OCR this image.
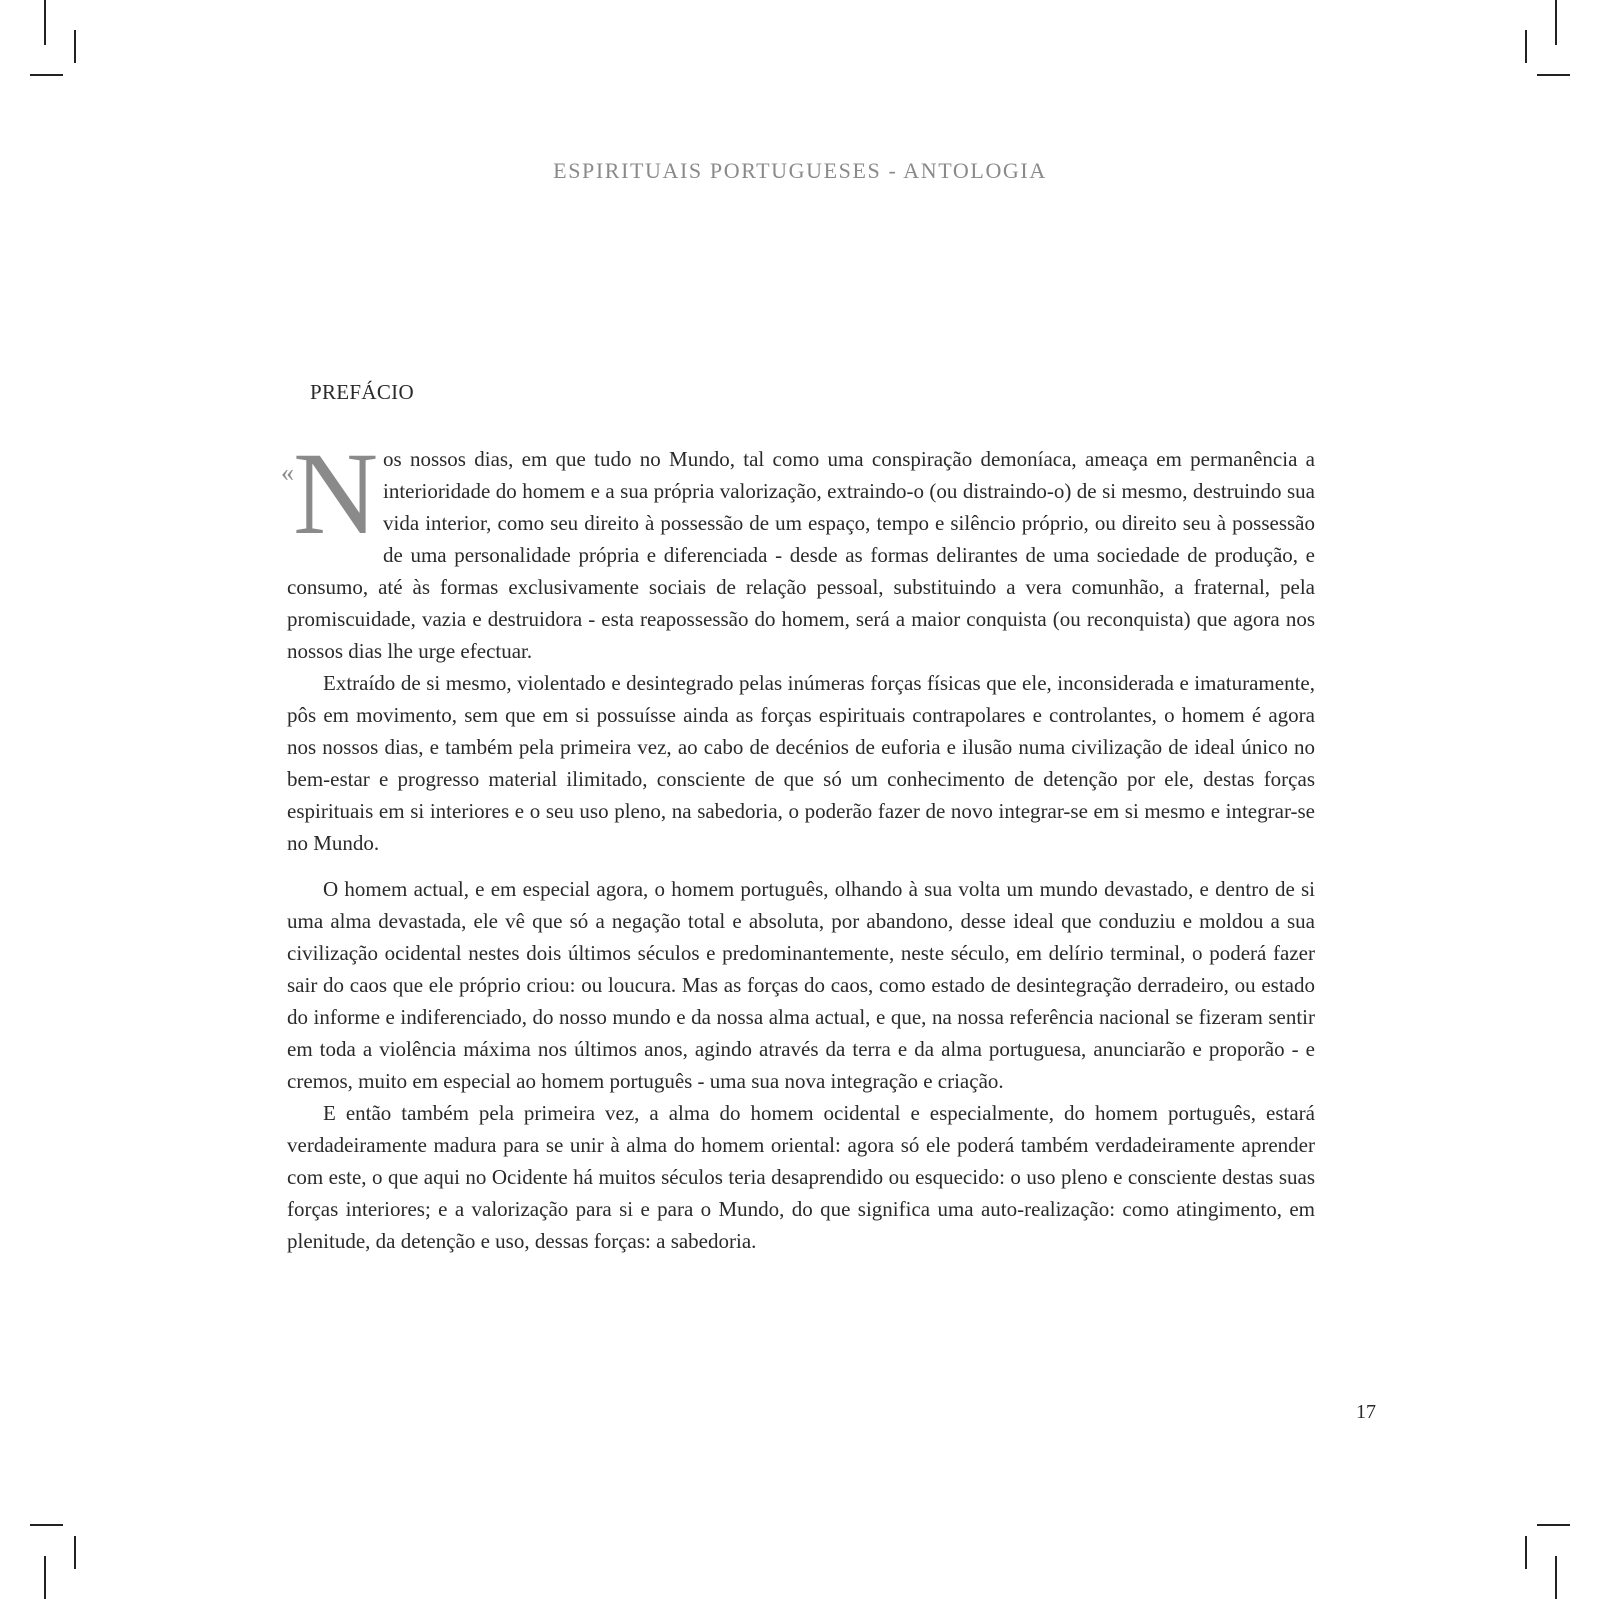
ESPIRITUAIS PORTUGUESES - ANTOLOGIA
PREFÁCIO

« N os nossos dias, em que tudo no Mundo, tal como uma conspiração demoníaca, ameaça em permanência a interioridade do homem e a sua própria valorização, extraindo-o (ou distraindo-o) de si mesmo, destruindo sua vida interior, como seu direito à possessão de um espaço, tempo e silêncio próprio, ou direito seu à possessão de uma personalidade própria e diferenciada - desde as formas delirantes de uma sociedade de produção, e consumo, até às formas exclusivamente sociais de relação pessoal, substituindo a vera comunhão, a fraternal, pela promiscuidade, vazia e destruidora - esta reapossessão do homem, será a maior conquista (ou reconquista) que agora nos nossos dias lhe urge efectuar.

Extraído de si mesmo, violentado e desintegrado pelas inúmeras forças físicas que ele, inconsiderada e imaturamente, pôs em movimento, sem que em si possuísse ainda as forças espirituais contrapolares e controlantes, o homem é agora nos nossos dias, e também pela primeira vez, ao cabo de decénios de euforia e ilusão numa civilização de ideal único no bem-estar e progresso material ilimitado, consciente de que só um conhecimento de detenção por ele, destas forças espirituais em si interiores e o seu uso pleno, na sabedoria, o poderão fazer de novo integrar-se em si mesmo e integrar-se no Mundo.

O homem actual, e em especial agora, o homem português, olhando à sua volta um mundo devastado, e dentro de si uma alma devastada, ele vê que só a negação total e absoluta, por abandono, desse ideal que conduziu e moldou a sua civilização ocidental nestes dois últimos séculos e predominantemente, neste século, em delírio terminal, o poderá fazer sair do caos que ele próprio criou: ou loucura. Mas as forças do caos, como estado de desintegração derradeiro, ou estado do informe e indiferenciado, do nosso mundo e da nossa alma actual, e que, na nossa referência nacional se fizeram sentir em toda a violência máxima nos últimos anos, agindo através da terra e da alma portuguesa, anunciarão e proporão - e cremos, muito em especial ao homem português - uma sua nova integração e criação.

E então também pela primeira vez, a alma do homem ocidental e especialmente, do homem português, estará verdadeiramente madura para se unir à alma do homem oriental: agora só ele poderá também verdadeiramente aprender com este, o que aqui no Ocidente há muitos séculos teria desaprendido ou esquecido: o uso pleno e consciente destas suas forças interiores; e a valorização para si e para o Mundo, do que significa uma auto-realização: como atingimento, em plenitude, da detenção e uso, dessas forças: a sabedoria.

17
